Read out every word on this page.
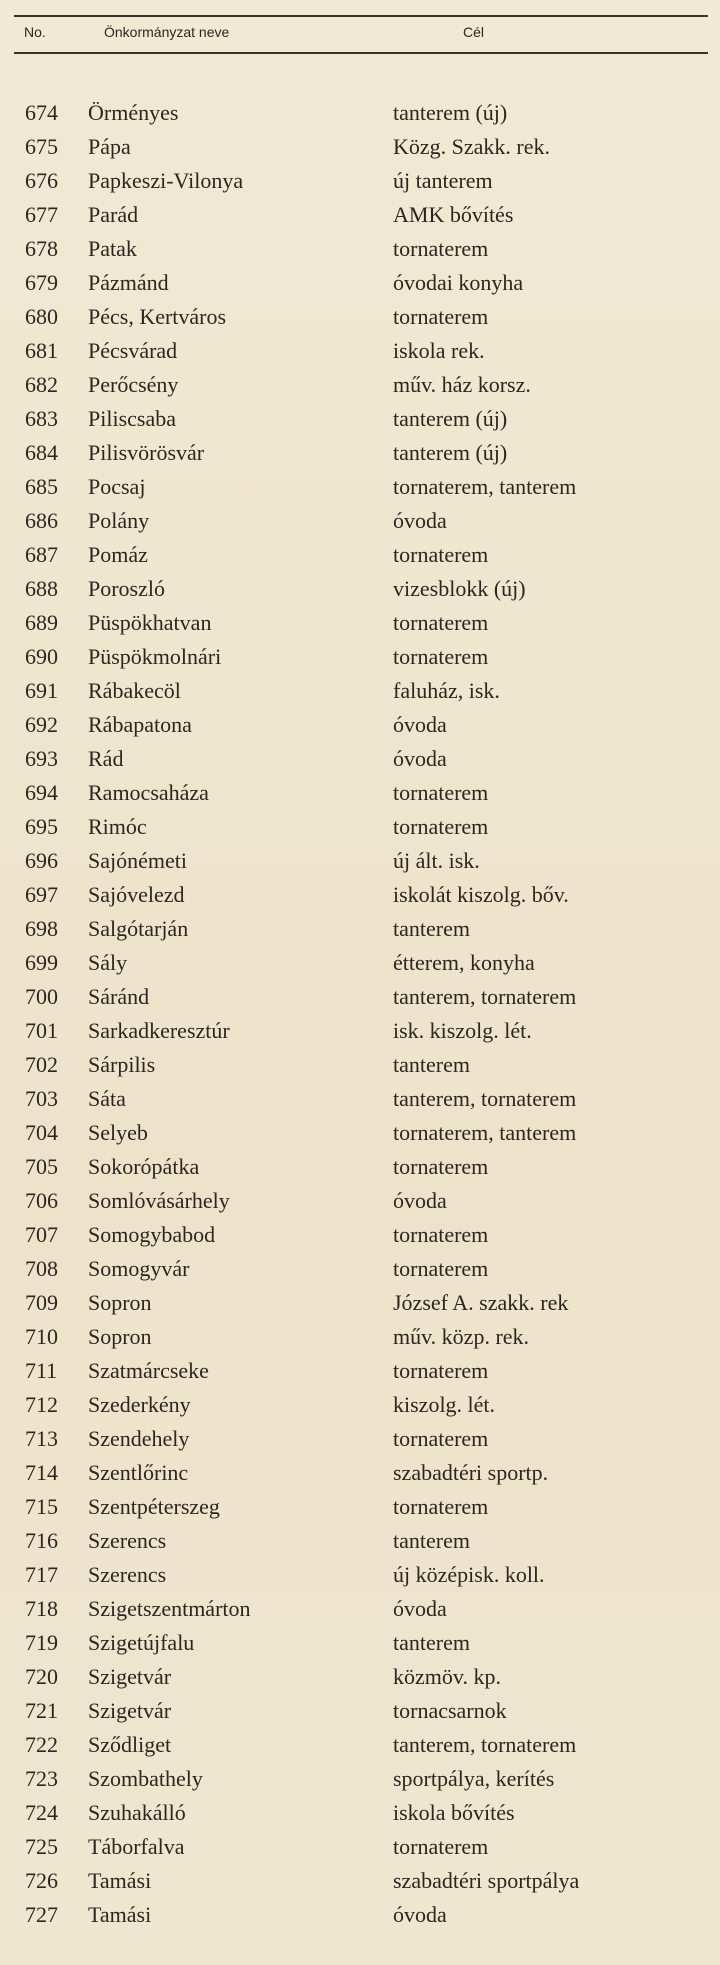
No.	Önkormányzat neve	Cél
674 Örményes	tanterem (új)
675 Pápa	Közg. Szakk. rek.
676 Papkeszi-Vilonya	új tanterem
677 Parád	AMK bővítés
678 Patak	tornaterem
679 Pázmánd	óvodai konyha
680 Pécs, Kertváros	tornaterem
681 Pécsvárad	iskola rek.
682 Perőcsény	műv. ház korsz.
683 Piliscsaba	tanterem (új)
684 Pilisvörösvár	tanterem (új)
685 Pocsaj	tornaterem, tanterem
686 Polány	óvoda
687 Pomáz	tornaterem
688 Poroszló	vizesblokk (új)
689 Püspökhatvan	tornaterem
690 Püspökmolnári	tornaterem
691 Rábakecöl	faluház, isk.
692 Rábapatona	óvoda
693 Rád	óvoda
694 Ramocsaháza	tornaterem
695 Rimóc	tornaterem
696 Sajónémeti	új ált. isk.
697 Sajóvelezd	iskolát kiszolg. bőv.
698 Salgótarján	tanterem
699 Sály	étterem, konyha
700 Sáránd	tanterem, tornaterem
701 Sarkadkeresztúr	isk. kiszolg. lét.
702 Sárpilis	tanterem
703 Sáta	tanterem, tornaterem
704 Selyeb	tornaterem, tanterem
705 Sokorópátka	tornaterem
706 Somlóvásárhely	óvoda
707 Somogybabod	tornaterem
708 Somogyvár	tornaterem
709 Sopron	József A. szakk. rek
710 Sopron	műv. közp. rek.
711 Szatmárcseke	tornaterem
712 Szederkény	kiszolg. lét.
713 Szendehely	tornaterem
714 Szentlőrinc	szabadtéri sportp.
715 Szentpéterszeg	tornaterem
716 Szerencs	tanterem
717 Szerencs	új középisk. koll.
718 Szigetszentmárton	óvoda
719 Szigetújfalu	tanterem
720 Szigetvár	közmöv. kp.
721 Szigetvár	tornacsarnok
722 Sződliget	tanterem, tornaterem
723 Szombathely	sportpálya, kerítés
724 Szuhakálló	iskola bővítés
725 Táborfalva	tornaterem
726 Tamási	szabadtéri sportpálya
727 Tamási	óvoda
